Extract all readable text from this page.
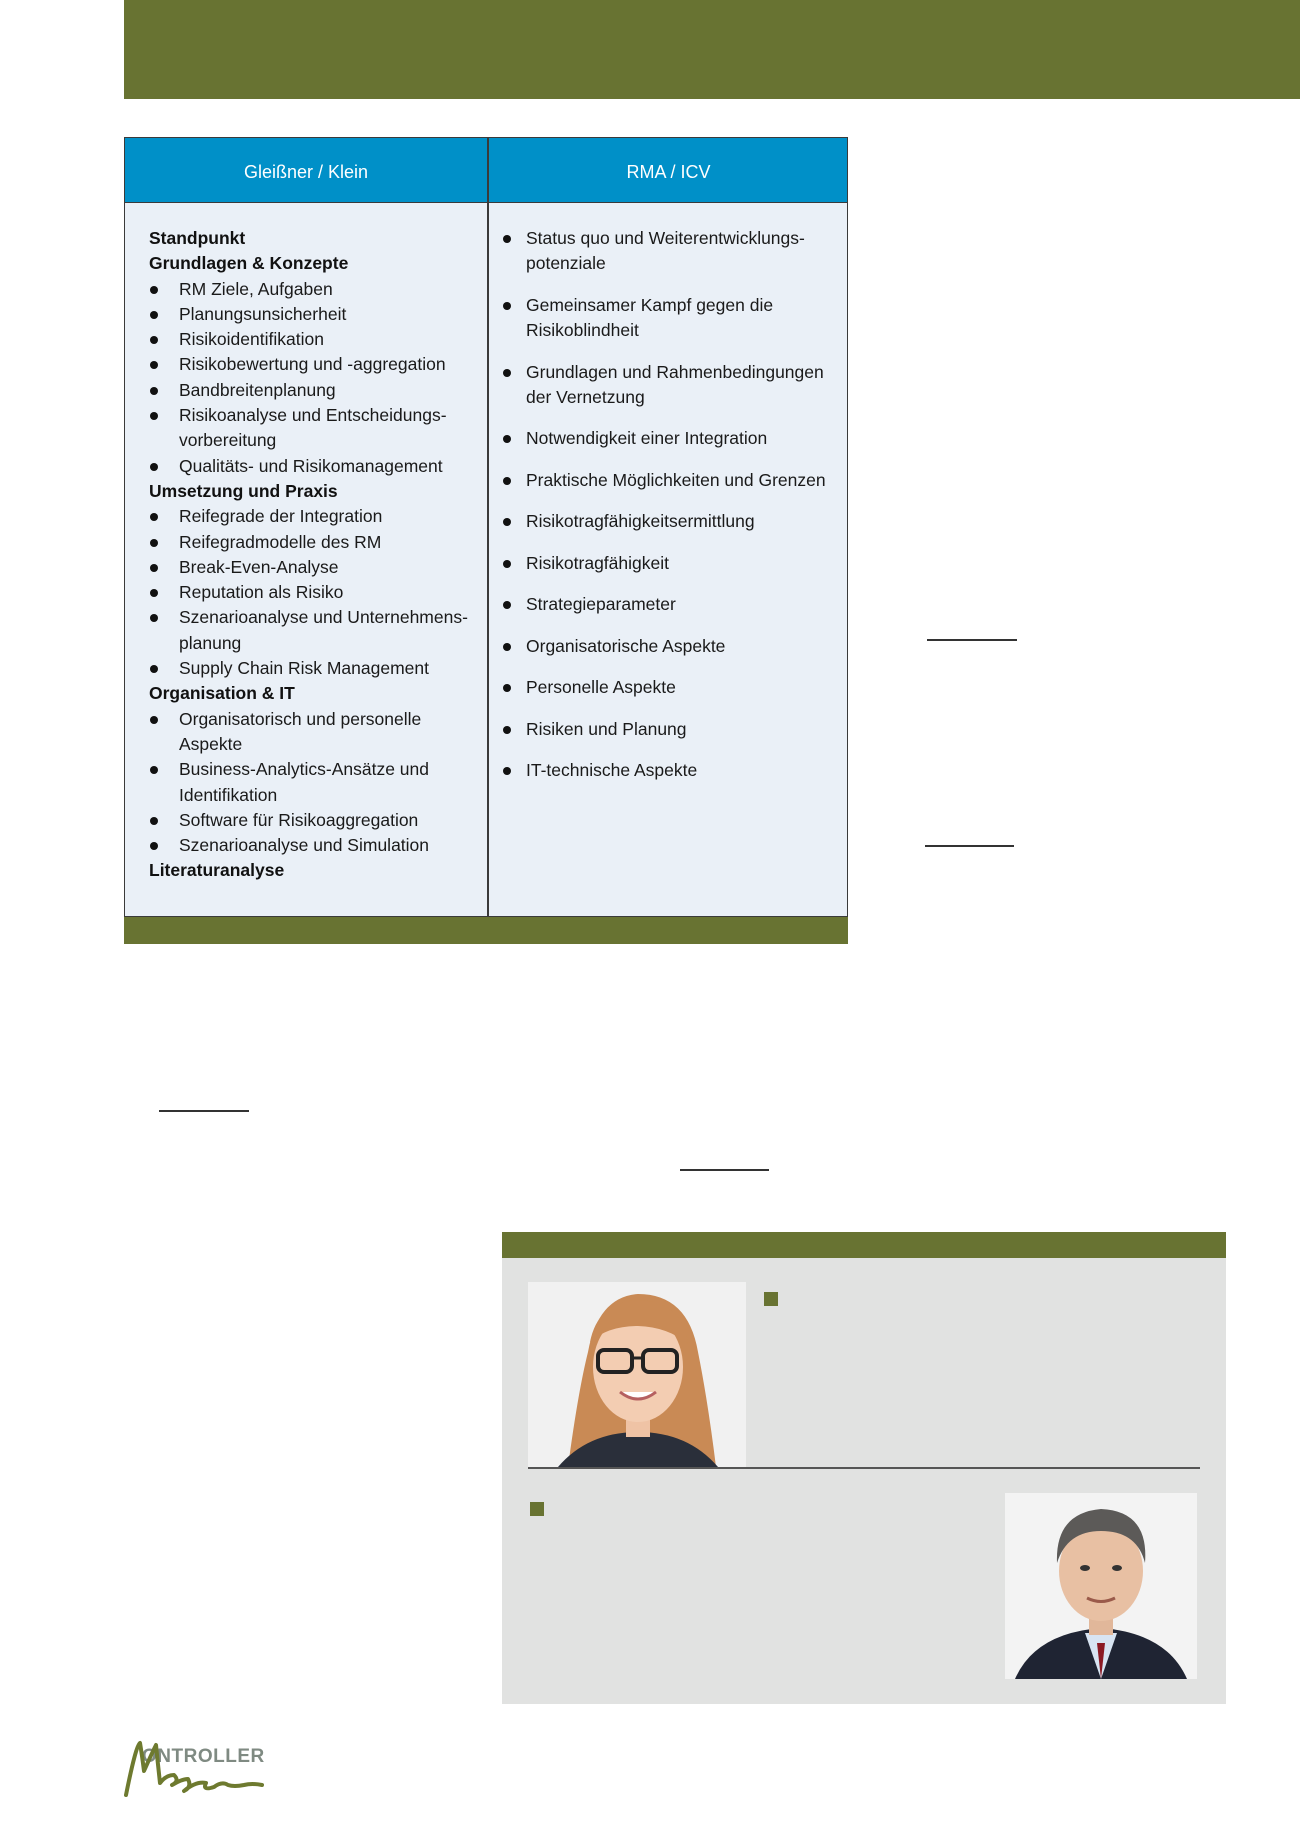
Gleißner / Klein	RMA / ICV
Standpunkt
Grundlagen & Konzepte
RM Ziele, Aufgaben
Planungsunsicherheit
Risikoidentifikation
Risikobewertung und -aggregation
Bandbreitenplanung
Risikoanalyse und Entscheidungs-
vorbereitung
Qualitäts- und Risikomanagement
Umsetzung und Praxis
Reifegrade der Integration
Reifegradmodelle des RM
Break-Even-Analyse
Reputation als Risiko
Szenarioanalyse und Unternehmens-
planung
Supply Chain Risk Management
Organisation & IT
Organisatorisch und personelle
Aspekte
Business-Analytics-Ansätze und
Identifikation
Software für Risikoaggregation
Szenarioanalyse und Simulation
Literaturanalyse
Status quo und Weiterentwicklungs-
potenziale
Gemeinsamer Kampf gegen die
Risikoblindheit
Grundlagen und Rahmenbedingungen
der Vernetzung
Notwendigkeit einer Integration
Praktische Möglichkeiten und Grenzen
Risikotragfähigkeitsermittlung
Risikotragfähigkeit
Strategieparameter
Organisatorische Aspekte
Personelle Aspekte
Risiken und Planung
IT-technische Aspekte
ONTROLLER
